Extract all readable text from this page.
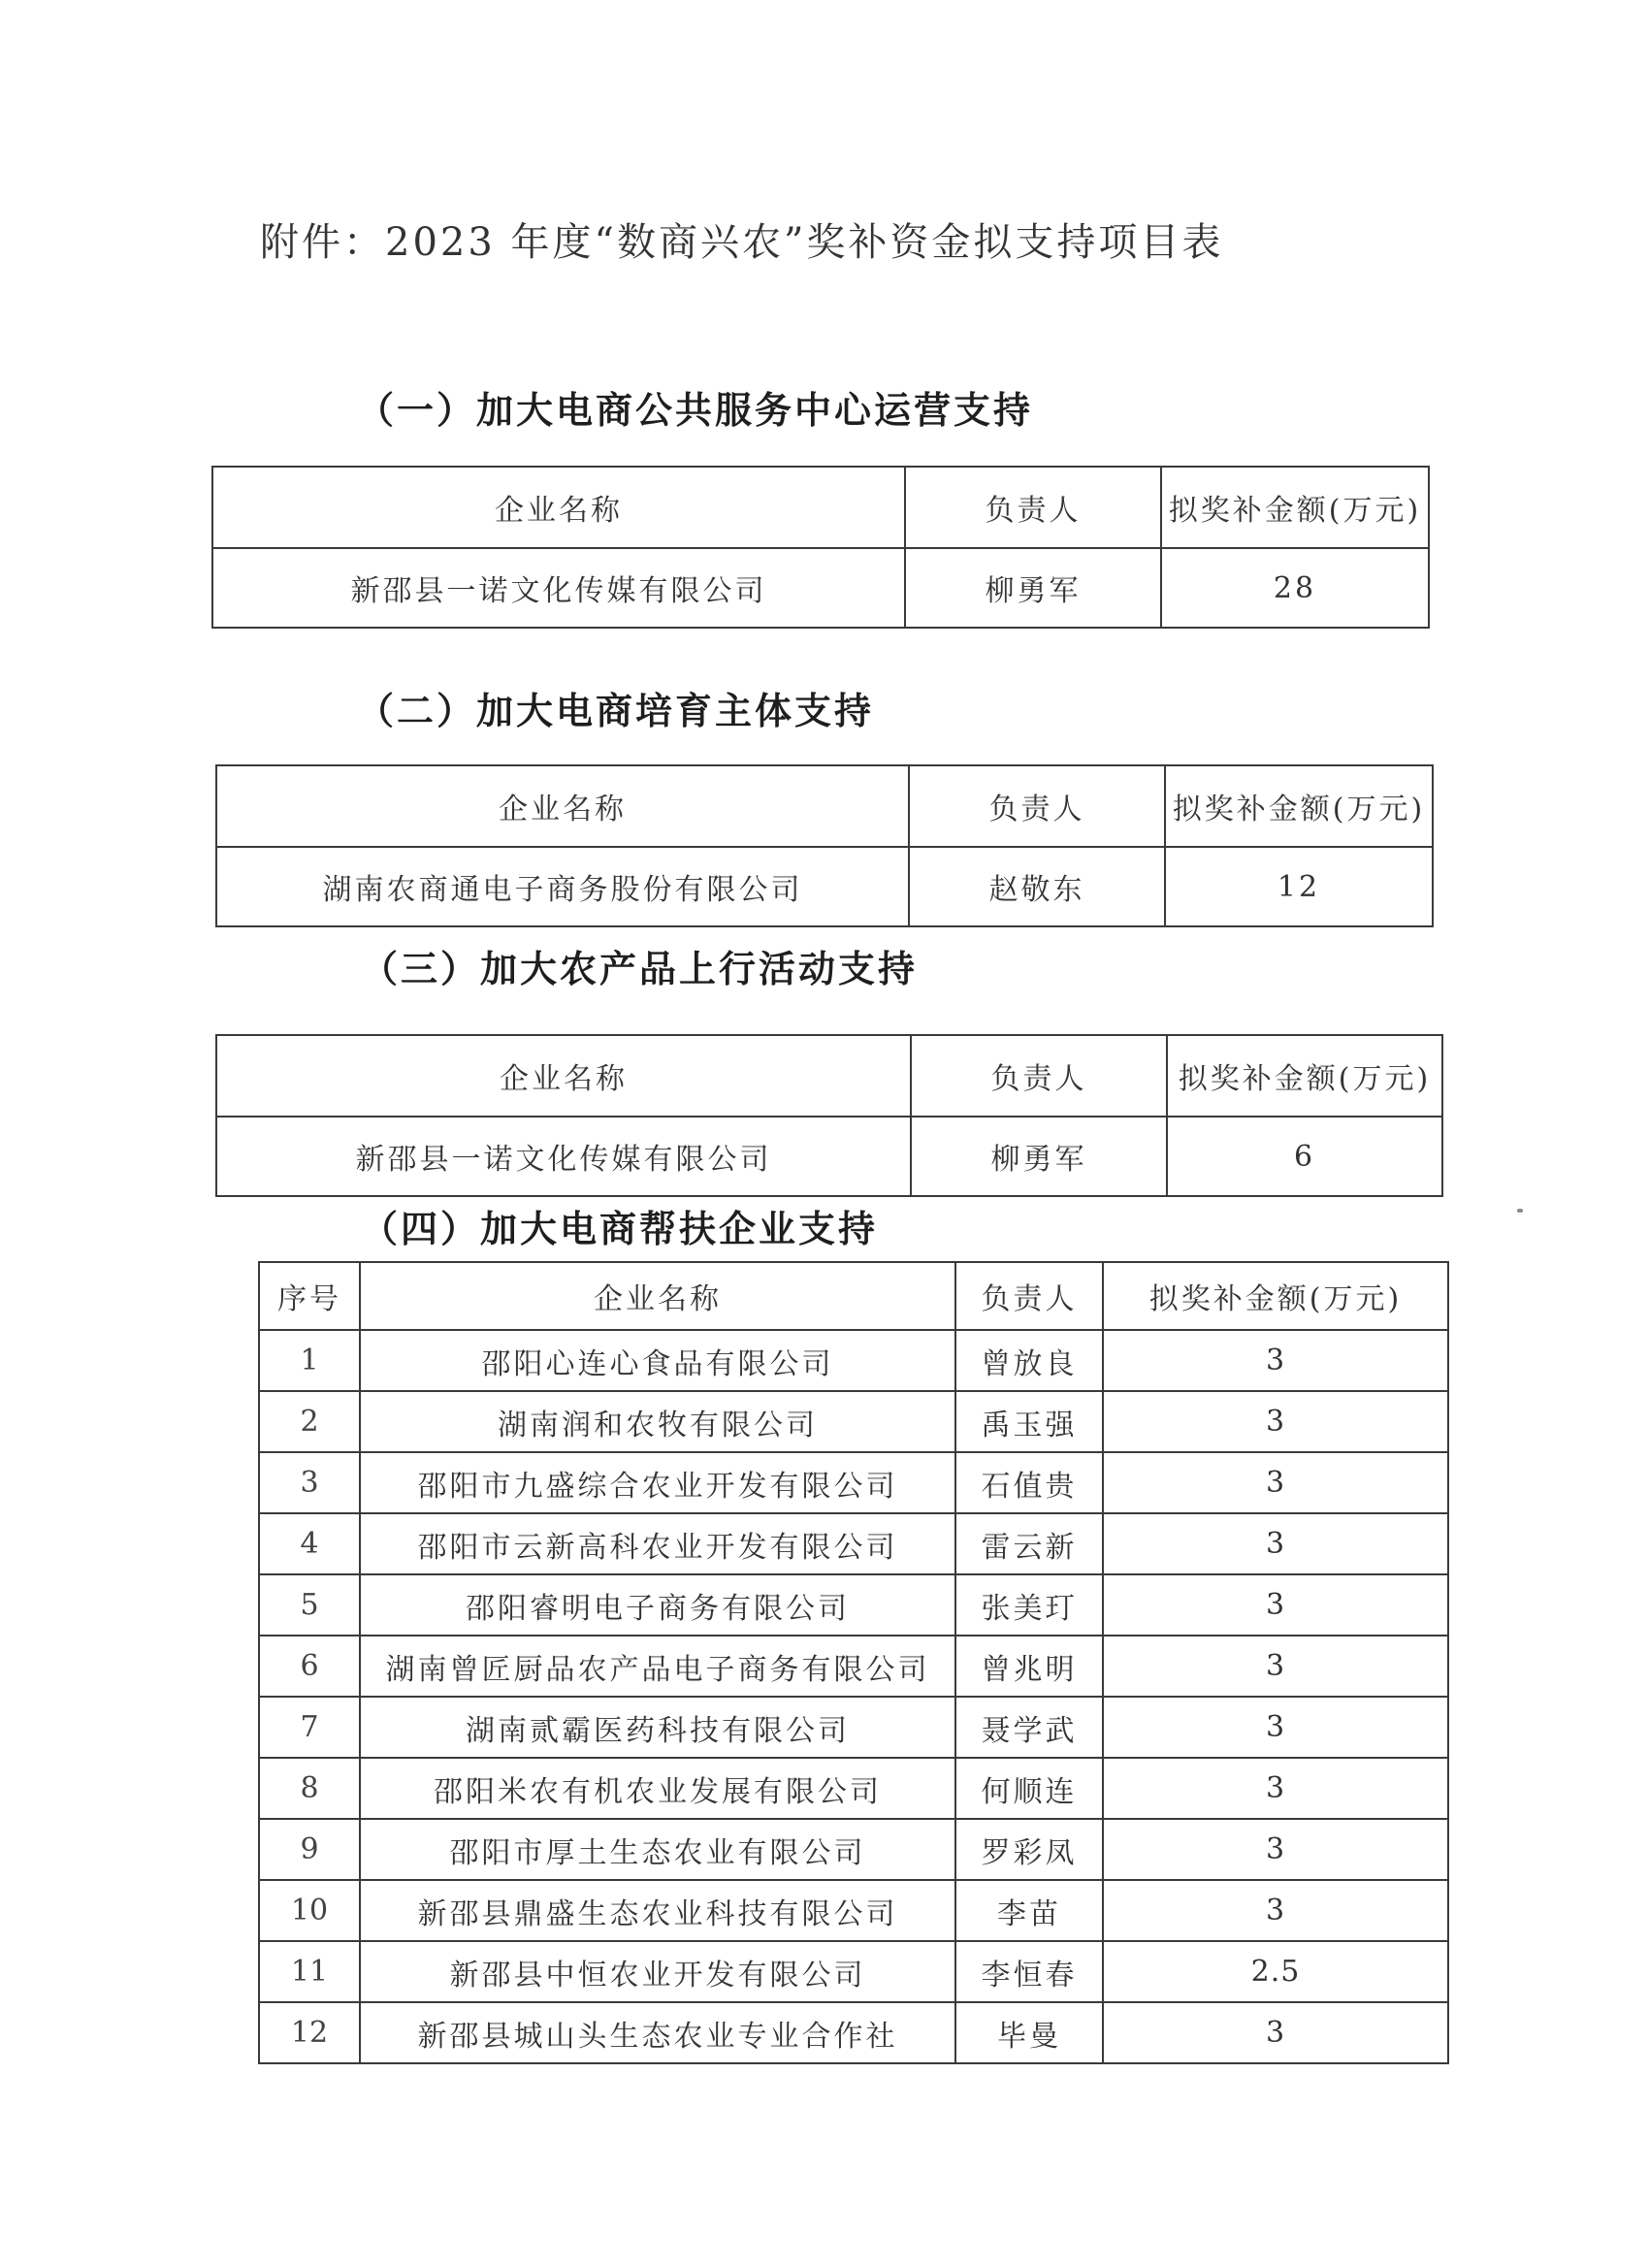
附件：2023 年度“数商兴农”奖补资金拟支持项目表
（一）加大电商公共服务中心运营支持
企业名称	负责人	拟奖补金额(万元)
新邵县一诺文化传媒有限公司	柳勇军	28
（二）加大电商培育主体支持
企业名称	负责人	拟奖补金额(万元)
湖南农商通电子商务股份有限公司	赵敬东	12
（三）加大农产品上行活动支持
企业名称	负责人	拟奖补金额(万元)
新邵县一诺文化传媒有限公司	柳勇军	6
（四）加大电商帮扶企业支持
序号	企业名称	负责人	拟奖补金额(万元)
1	邵阳心连心食品有限公司	曾放良	3
2	湖南润和农牧有限公司	禹玉强	3
3	邵阳市九盛综合农业开发有限公司	石值贵	3
4	邵阳市云新高科农业开发有限公司	雷云新	3
5	邵阳睿明电子商务有限公司	张美玎	3
6	湖南曾匠厨品农产品电子商务有限公司	曾兆明	3
7	湖南贰霸医药科技有限公司	聂学武	3
8	邵阳米农有机农业发展有限公司	何顺连	3
9	邵阳市厚土生态农业有限公司	罗彩凤	3
10	新邵县鼎盛生态农业科技有限公司	李苗	3
11	新邵县中恒农业开发有限公司	李恒春	2.5
12	新邵县城山头生态农业专业合作社	毕曼	3
